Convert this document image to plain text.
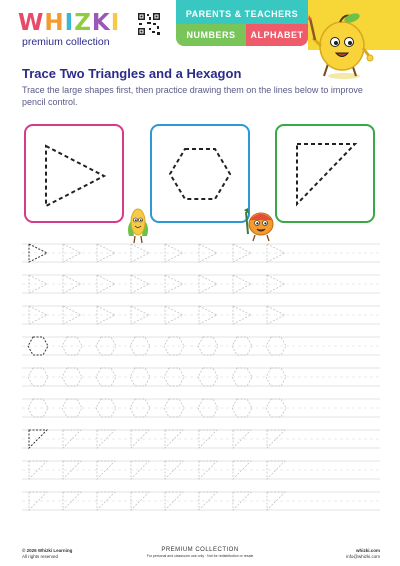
WHIZKI
premium collection
PARENTS & TEACHERS
NUMBERS	ALPHABET
Trace Two Triangles and a Hexagon
Trace the large shapes first, then practice drawing them on the lines below to improve pencil control.
© 2026 Whizki Learning
All rights reserved
PREMIUM COLLECTION
For personal and classroom use only · Not for redistribution or resale
whizki.com
info@whizki.com
